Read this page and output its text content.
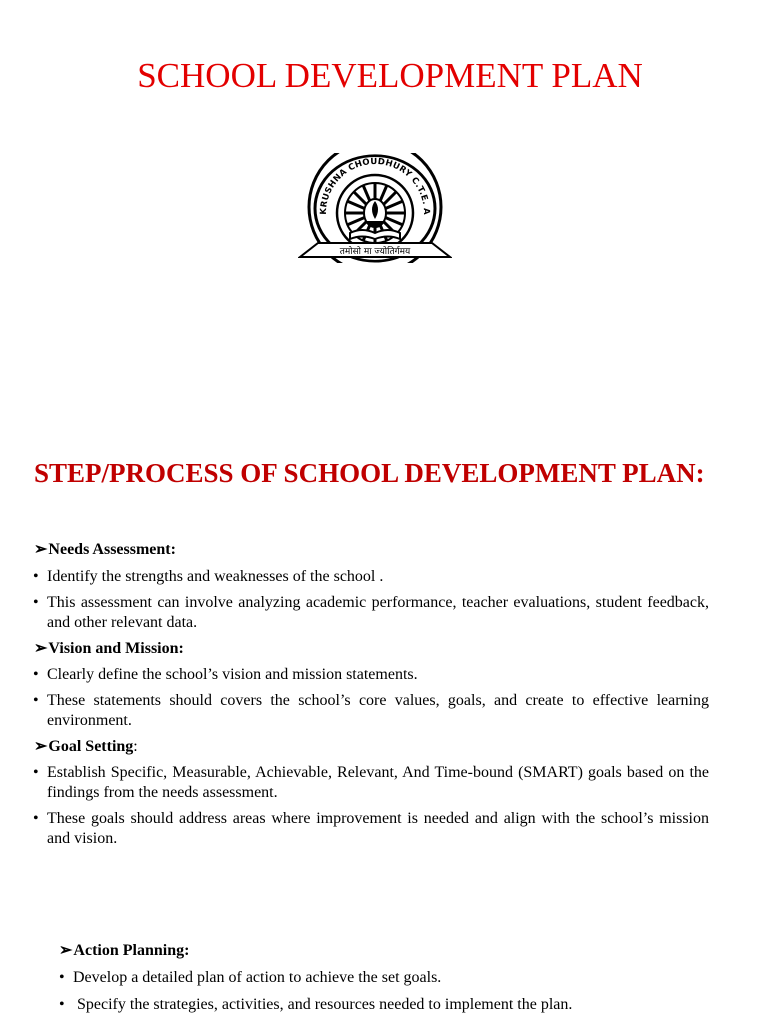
SCHOOL DEVELOPMENT PLAN
KRUSHNA CHOUDHURY C.T.E. A
तमोसो मा ज्योतिर्गमय
STEP/PROCESS OF SCHOOL DEVELOPMENT PLAN:
➢Needs Assessment:
• Identify the strengths and weaknesses of the school .
• This assessment can involve analyzing academic performance, teacher evaluations, student feedback, and other relevant data.
➢Vision and Mission:
• Clearly define the school’s vision and mission statements.
• These statements should covers the school’s core values, goals, and create to effective learning environment.
➢Goal Setting:
• Establish Specific, Measurable, Achievable, Relevant, And Time-bound (SMART) goals based on the findings from the needs assessment.
• These goals should address areas where improvement is needed and align with the school’s mission and vision.
➢Action Planning:
• Develop a detailed plan of action to achieve the set goals.
• Specify the strategies, activities, and resources needed to implement the plan.
